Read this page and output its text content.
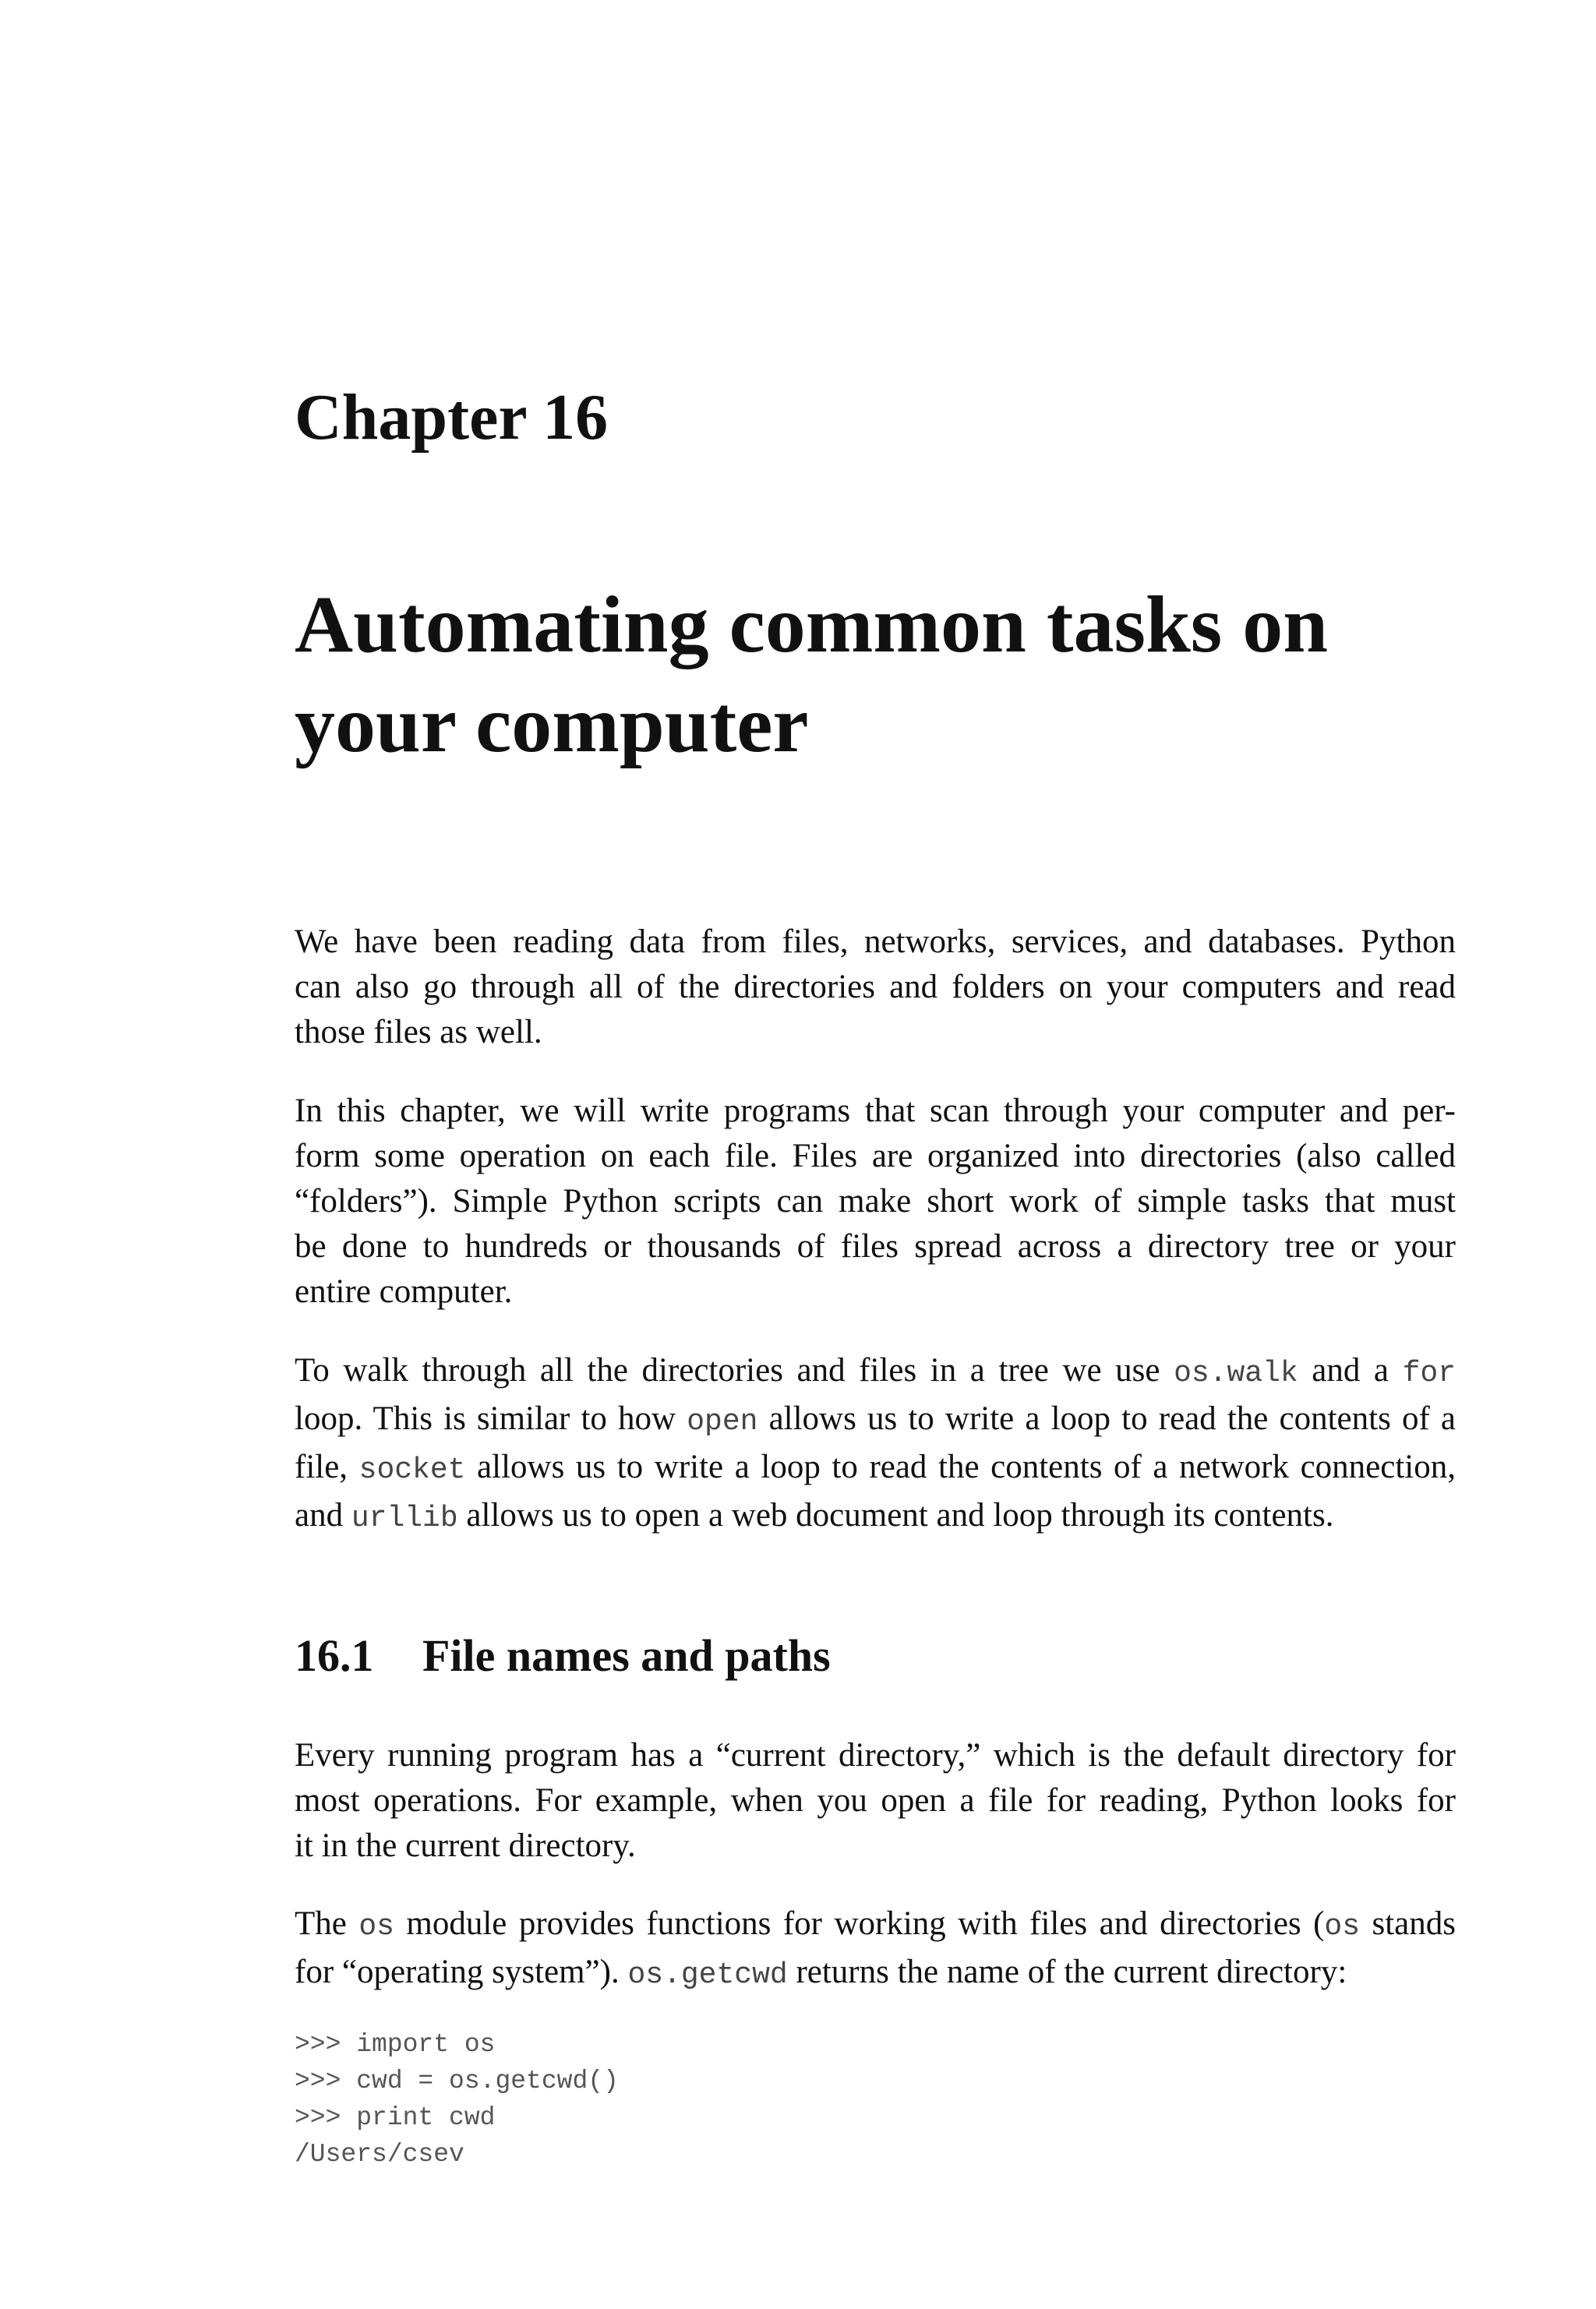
Chapter 16
Automating common tasks on
your computer

We have been reading data from files, networks, services, and databases. Python
can also go through all of the directories and folders on your computers and read
those files as well.

In this chapter, we will write programs that scan through your computer and per-
form some operation on each file. Files are organized into directories (also called
“folders”). Simple Python scripts can make short work of simple tasks that must
be done to hundreds or thousands of files spread across a directory tree or your
entire computer.

To walk through all the directories and files in a tree we use os.walk and a for
loop. This is similar to how open allows us to write a loop to read the contents of a
file, socket allows us to write a loop to read the contents of a network connection,
and urllib allows us to open a web document and loop through its contents.

16.1 File names and paths

Every running program has a “current directory,” which is the default directory for
most operations. For example, when you open a file for reading, Python looks for
it in the current directory.

The os module provides functions for working with files and directories (os stands
for “operating system”). os.getcwd returns the name of the current directory:

>>> import os
>>> cwd = os.getcwd()
>>> print cwd
/Users/csev
